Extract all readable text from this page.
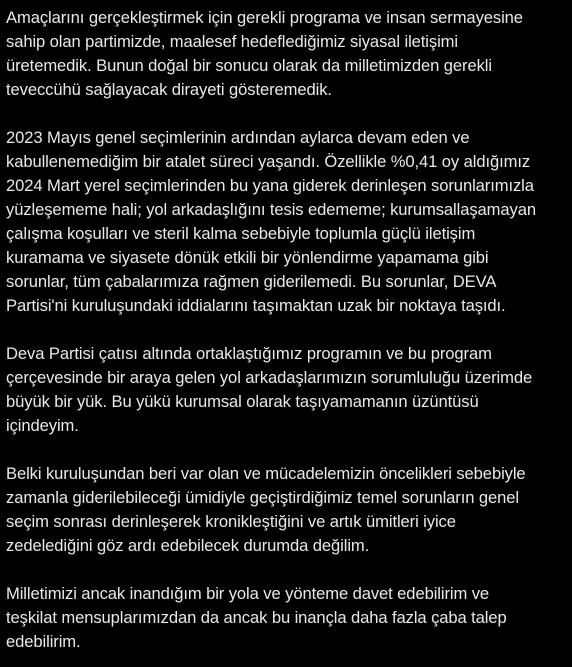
Amaçlarını gerçekleştirmek için gerekli programa ve insan sermayesine
sahip olan partimizde, maalesef hedeflediğimiz siyasal iletişimi
üretemedik. Bunun doğal bir sonucu olarak da milletimizden gerekli
teveccühü sağlayacak dirayeti gösteremedik.

2023 Mayıs genel seçimlerinin ardından aylarca devam eden ve
kabullenemediğim bir atalet süreci yaşandı. Özellikle %0,41 oy aldığımız
2024 Mart yerel seçimlerinden bu yana giderek derinleşen sorunlarımızla
yüzleşememe hali; yol arkadaşlığını tesis edememe; kurumsallaşamayan
çalışma koşulları ve steril kalma sebebiyle toplumla güçlü iletişim
kuramama ve siyasete dönük etkili bir yönlendirme yapamama gibi
sorunlar, tüm çabalarımıza rağmen giderilemedi. Bu sorunlar, DEVA
Partisi'ni kuruluşundaki iddialarını taşımaktan uzak bir noktaya taşıdı.

Deva Partisi çatısı altında ortaklaştığımız programın ve bu program
çerçevesinde bir araya gelen yol arkadaşlarımızın sorumluluğu üzerimde
büyük bir yük. Bu yükü kurumsal olarak taşıyamamanın üzüntüsü
içindeyim.

Belki kuruluşundan beri var olan ve mücadelemizin öncelikleri sebebiyle
zamanla giderilebileceği ümidiyle geçiştirdiğimiz temel sorunların genel
seçim sonrası derinleşerek kronikleştiğini ve artık ümitleri iyice
zedelediğini göz ardı edebilecek durumda değilim.

Milletimizi ancak inandığım bir yola ve yönteme davet edebilirim ve
teşkilat mensuplarımızdan da ancak bu inançla daha fazla çaba talep
edebilirim.
